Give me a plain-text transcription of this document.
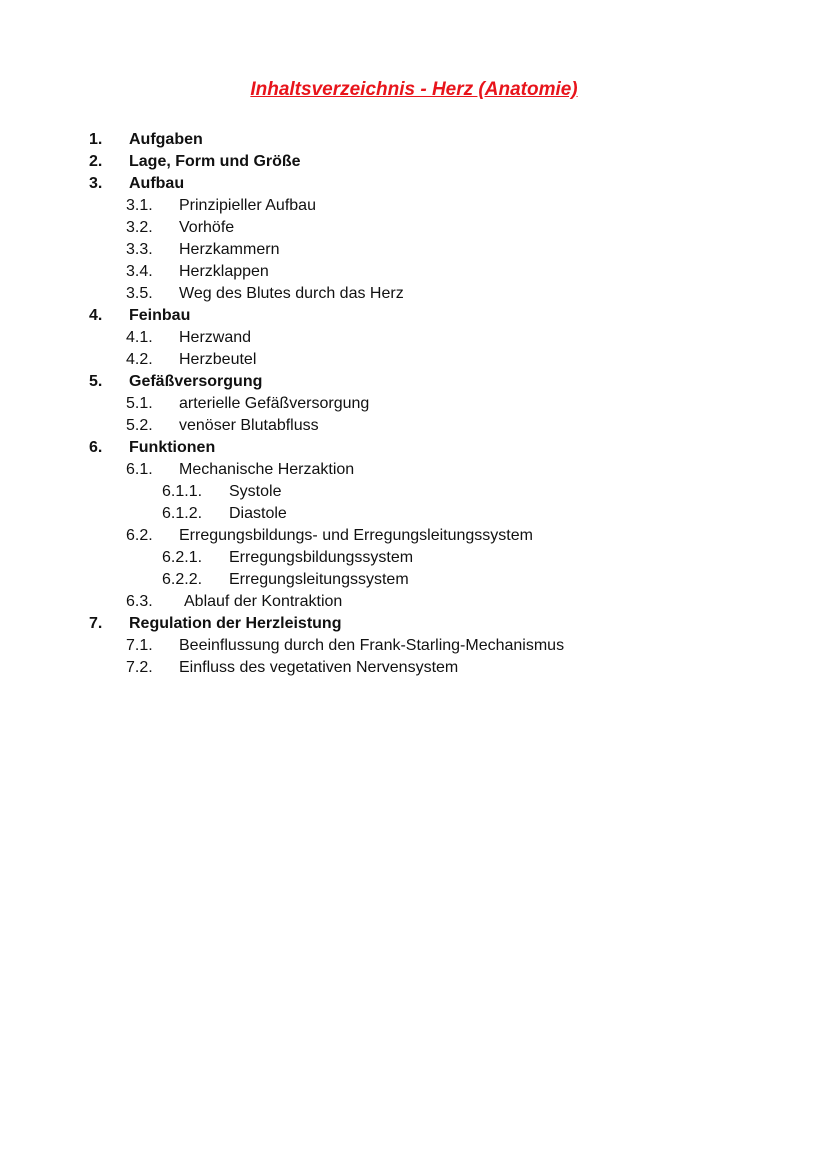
Inhaltsverzeichnis - Herz (Anatomie)
1. Aufgaben
2. Lage, Form und Größe
3. Aufbau
3.1. Prinzipieller Aufbau
3.2. Vorhöfe
3.3. Herzkammern
3.4. Herzklappen
3.5. Weg des Blutes durch das Herz
4. Feinbau
4.1. Herzwand
4.2. Herzbeutel
5. Gefäßversorgung
5.1. arterielle Gefäßversorgung
5.2. venöser Blutabfluss
6. Funktionen
6.1. Mechanische Herzaktion
6.1.1. Systole
6.1.2. Diastole
6.2. Erregungsbildungs- und Erregungsleitungssystem
6.2.1. Erregungsbildungssystem
6.2.2. Erregungsleitungssystem
6.3. Ablauf der Kontraktion
7. Regulation der Herzleistung
7.1. Beeinflussung durch den Frank-Starling-Mechanismus
7.2. Einfluss des vegetativen Nervensystem
